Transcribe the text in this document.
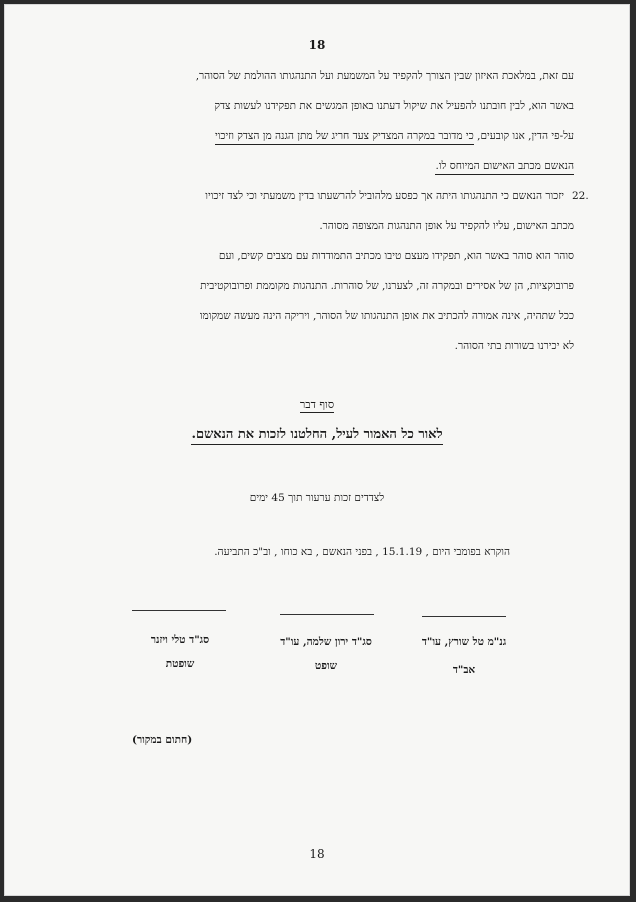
18
עם זאת, במלאכת האיזון שבין הצורך להקפיד על המשמעת ועל התנהגותו ההולמת של הסוהר,
באשר הוא, לבין חובתנו להפעיל את שיקול דעתנו באופן המגשים את תפקידנו לעשות צדק
על-פי הדין, אנו קובעים, כי מדובר במקרה המצדיק צעד חריג של מתן הגנה מן הצדק וזיכוי
הנאשם מכתב האישום המיוחס לו.
22.
יזכור הנאשם כי התנהגותו היתה אך כפסע מלהוביל להרשעתו בדין משמעתי וכי לצד זיכויו
מכתב האישום, עליו להקפיד על אופן התנהגות המצופה מסוהר.
סוהר הוא סוהר באשר הוא, תפקידו מעצם טיבו מכתיב התמודדות עם מצבים קשים, ועם
פרובוקציות, הן של אסירים ובמקרה זה, לצערנו, של סוהרות. התנהגות מקוממת ופרובוקטיבית
ככל שתהיה, אינה אמורה להכתיב את אופן התנהגותו של הסוהר, ויריקה הינה מעשה שמקומו
לא יכירנו בשורות בתי הסוהר.
סוף דבר
לאור כל האמור לעיל, החלטנו לזכות את הנאשם.
לצדדים זכות ערעור תוך 45 ימים
הוקרא בפומבי היום , 15.1.19 , בפני הנאשם , בא כוחו , וב"כ התביעה.
גנ"מ טל שורץ, עו"ד
אב"ד
סג"ד ירון שלמה, עו"ד
שופט
סג"ד טלי ויזנר
שופטת
(חתום במקור)
18
